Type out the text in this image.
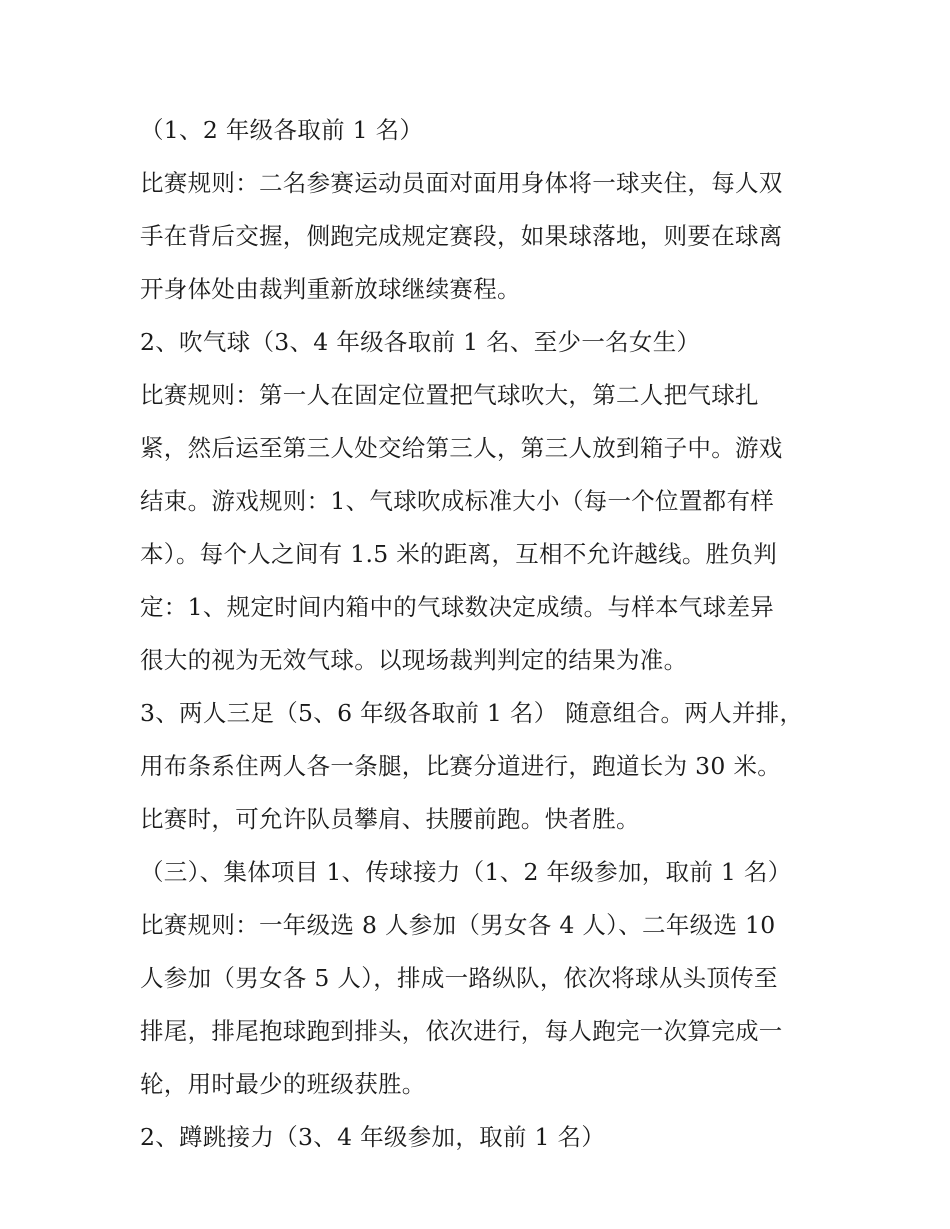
（1、2 年级各取前 1 名）
比赛规则：二名参赛运动员面对面用身体将一球夹住，每人双
手在背后交握，侧跑完成规定赛段，如果球落地，则要在球离
开身体处由裁判重新放球继续赛程。
2、吹气球（3、4 年级各取前 1 名、至少一名女生）
比赛规则：第一人在固定位置把气球吹大，第二人把气球扎
紧，然后运至第三人处交给第三人，第三人放到箱子中。游戏
结束。游戏规则：1、气球吹成标准大小（每一个位置都有样
本）。每个人之间有 1.5 米的距离，互相不允许越线。胜负判
定：1、规定时间内箱中的气球数决定成绩。与样本气球差异
很大的视为无效气球。以现场裁判判定的结果为准。
3、两人三足（5、6 年级各取前 1 名） 随意组合。两人并排，
用布条系住两人各一条腿，比赛分道进行，跑道长为 30 米。
比赛时，可允许队员攀肩、扶腰前跑。快者胜。
（三）、集体项目 1、传球接力（1、2 年级参加，取前 1 名）
比赛规则：一年级选 8 人参加（男女各 4 人）、二年级选 10
人参加（男女各 5 人），排成一路纵队，依次将球从头顶传至
排尾，排尾抱球跑到排头，依次进行，每人跑完一次算完成一
轮，用时最少的班级获胜。
2、蹲跳接力（3、4 年级参加，取前 1 名）
